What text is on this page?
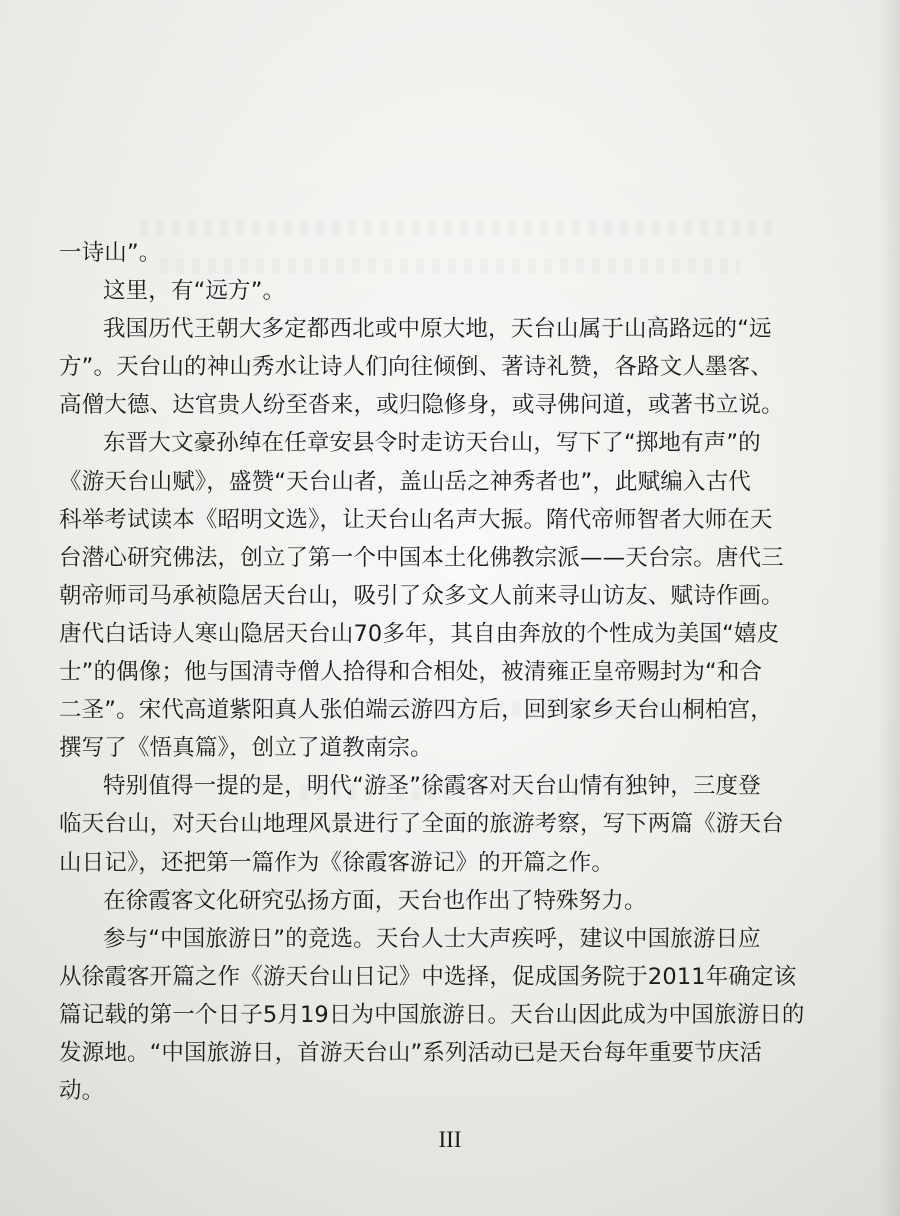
一诗山”。
这里，有“远方”。
我国历代王朝大多定都西北或中原大地，天台山属于山高路远的“远
方”。天台山的神山秀水让诗人们向往倾倒、著诗礼赞，各路文人墨客、
高僧大德、达官贵人纷至沓来，或归隐修身，或寻佛问道，或著书立说。
东晋大文豪孙绰在任章安县令时走访天台山，写下了“掷地有声”的
《游天台山赋》，盛赞“天台山者，盖山岳之神秀者也”，此赋编入古代
科举考试读本《昭明文选》，让天台山名声大振。隋代帝师智者大师在天
台潜心研究佛法，创立了第一个中国本土化佛教宗派——天台宗。唐代三
朝帝师司马承祯隐居天台山，吸引了众多文人前来寻山访友、赋诗作画。
唐代白话诗人寒山隐居天台山70多年，其自由奔放的个性成为美国“嬉皮
士”的偶像；他与国清寺僧人拾得和合相处，被清雍正皇帝赐封为“和合
二圣”。宋代高道紫阳真人张伯端云游四方后，回到家乡天台山桐柏宫，
撰写了《悟真篇》，创立了道教南宗。
特别值得一提的是，明代“游圣”徐霞客对天台山情有独钟，三度登
临天台山，对天台山地理风景进行了全面的旅游考察，写下两篇《游天台
山日记》，还把第一篇作为《徐霞客游记》的开篇之作。
在徐霞客文化研究弘扬方面，天台也作出了特殊努力。
参与“中国旅游日”的竞选。天台人士大声疾呼，建议中国旅游日应
从徐霞客开篇之作《游天台山日记》中选择，促成国务院于2011年确定该
篇记载的第一个日子5月19日为中国旅游日。天台山因此成为中国旅游日的
发源地。“中国旅游日，首游天台山”系列活动已是天台每年重要节庆活
动。
III
